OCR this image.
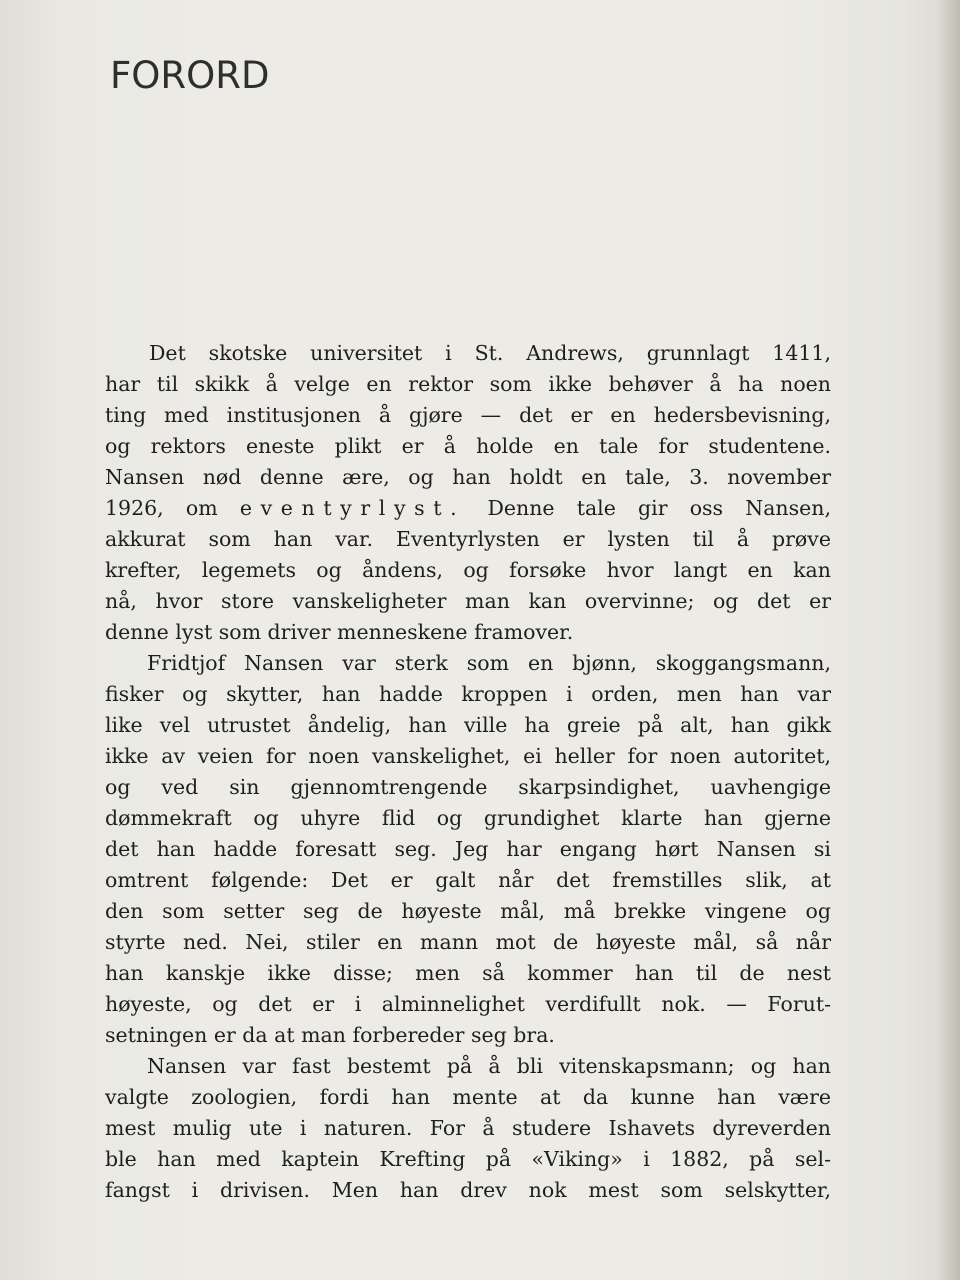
FORORD
Det skotske universitet i St. Andrews, grunnlagt 1411,
har til skikk å velge en rektor som ikke behøver å ha noen
ting med institusjonen å gjøre — det er en hedersbevisning,
og rektors eneste plikt er å holde en tale for studentene.
Nansen nød denne ære, og han holdt en tale, 3. november
1926, om eventyrlyst. Denne tale gir oss Nansen,
akkurat som han var. Eventyrlysten er lysten til å prøve
krefter, legemets og åndens, og forsøke hvor langt en kan
nå, hvor store vanskeligheter man kan overvinne; og det er
denne lyst som driver menneskene framover.
Fridtjof Nansen var sterk som en bjønn, skoggangsmann,
fisker og skytter, han hadde kroppen i orden, men han var
like vel utrustet åndelig, han ville ha greie på alt, han gikk
ikke av veien for noen vanskelighet, ei heller for noen autoritet,
og ved sin gjennomtrengende skarpsindighet, uavhengige
dømmekraft og uhyre flid og grundighet klarte han gjerne
det han hadde foresatt seg. Jeg har engang hørt Nansen si
omtrent følgende: Det er galt når det fremstilles slik, at
den som setter seg de høyeste mål, må brekke vingene og
styrte ned. Nei, stiler en mann mot de høyeste mål, så når
han kanskje ikke disse; men så kommer han til de nest
høyeste, og det er i alminnelighet verdifullt nok. — Forut-
setningen er da at man forbereder seg bra.
Nansen var fast bestemt på å bli vitenskapsmann; og han
valgte zoologien, fordi han mente at da kunne han være
mest mulig ute i naturen. For å studere Ishavets dyreverden
ble han med kaptein Krefting på «Viking» i 1882, på sel-
fangst i drivisen. Men han drev nok mest som selskytter,
